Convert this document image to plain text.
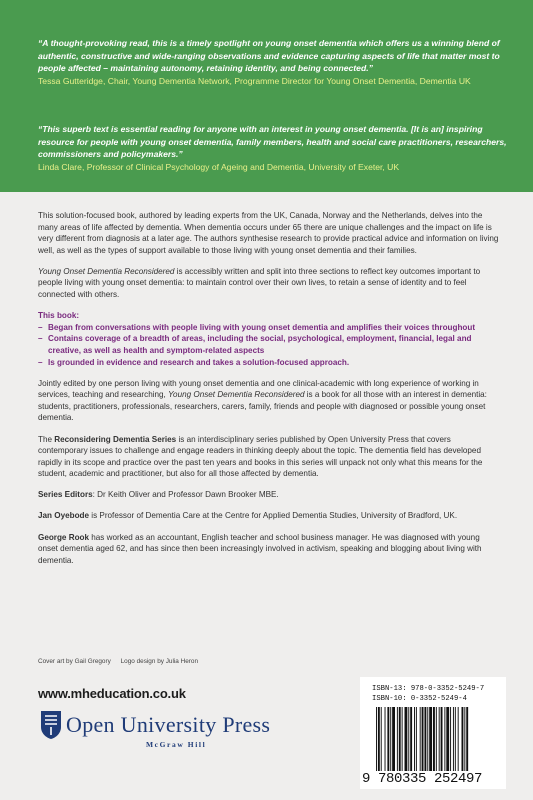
“A thought-provoking read, this is a timely spotlight on young onset dementia which offers us a winning blend of authentic, constructive and wide-ranging observations and evidence capturing aspects of life that matter most to people affected – maintaining autonomy, retaining identity, and being connected.”
Tessa Gutteridge, Chair, Young Dementia Network, Programme Director for Young Onset Dementia, Dementia UK
“This superb text is essential reading for anyone with an interest in young onset dementia. [It is an] inspiring resource for people with young onset dementia, family members, health and social care practitioners, researchers, commissioners and policymakers.”
Linda Clare, Professor of Clinical Psychology of Ageing and Dementia, University of Exeter, UK

This solution-focused book, authored by leading experts from the UK, Canada, Norway and the Netherlands, delves into the many areas of life affected by dementia. When dementia occurs under 65 there are unique challenges and the impact on life is very different from diagnosis at a later age. The authors synthesise research to provide practical advice and information on living well, as well as the types of support available to those living with young onset dementia and their families.

Young Onset Dementia Reconsidered is accessibly written and split into three sections to reflect key outcomes important to people living with young onset dementia: to maintain control over their own lives, to retain a sense of identity and to feel connected with others.

This book:
– Began from conversations with people living with young onset dementia and amplifies their voices throughout
– Contains coverage of a breadth of areas, including the social, psychological, employment, financial, legal and creative, as well as health and symptom-related aspects
– Is grounded in evidence and research and takes a solution-focused approach.

Jointly edited by one person living with young onset dementia and one clinical-academic with long experience of working in services, teaching and researching, Young Onset Dementia Reconsidered is a book for all those with an interest in dementia: students, practitioners, professionals, researchers, carers, family, friends and people with diagnosed or possible young onset dementia.

The Reconsidering Dementia Series is an interdisciplinary series published by Open University Press that covers contemporary issues to challenge and engage readers in thinking deeply about the topic. The dementia field has developed rapidly in its scope and practice over the past ten years and books in this series will unpack not only what this means for the student, academic and practitioner, but also for all those affected by dementia.

Series Editors: Dr Keith Oliver and Professor Dawn Brooker MBE.

Jan Oyebode is Professor of Dementia Care at the Centre for Applied Dementia Studies, University of Bradford, UK.

George Rook has worked as an accountant, English teacher and school business manager. He was diagnosed with young onset dementia aged 62, and has since then been increasingly involved in activism, speaking and blogging about living with dementia.

Cover art by Gail Gregory Logo design by Julia Heron
www.mheducation.co.uk
Open University Press
McGraw Hill
ISBN-13: 978-0-3352-5249-7
ISBN-10: 0-3352-5249-4
9 780335 252497
